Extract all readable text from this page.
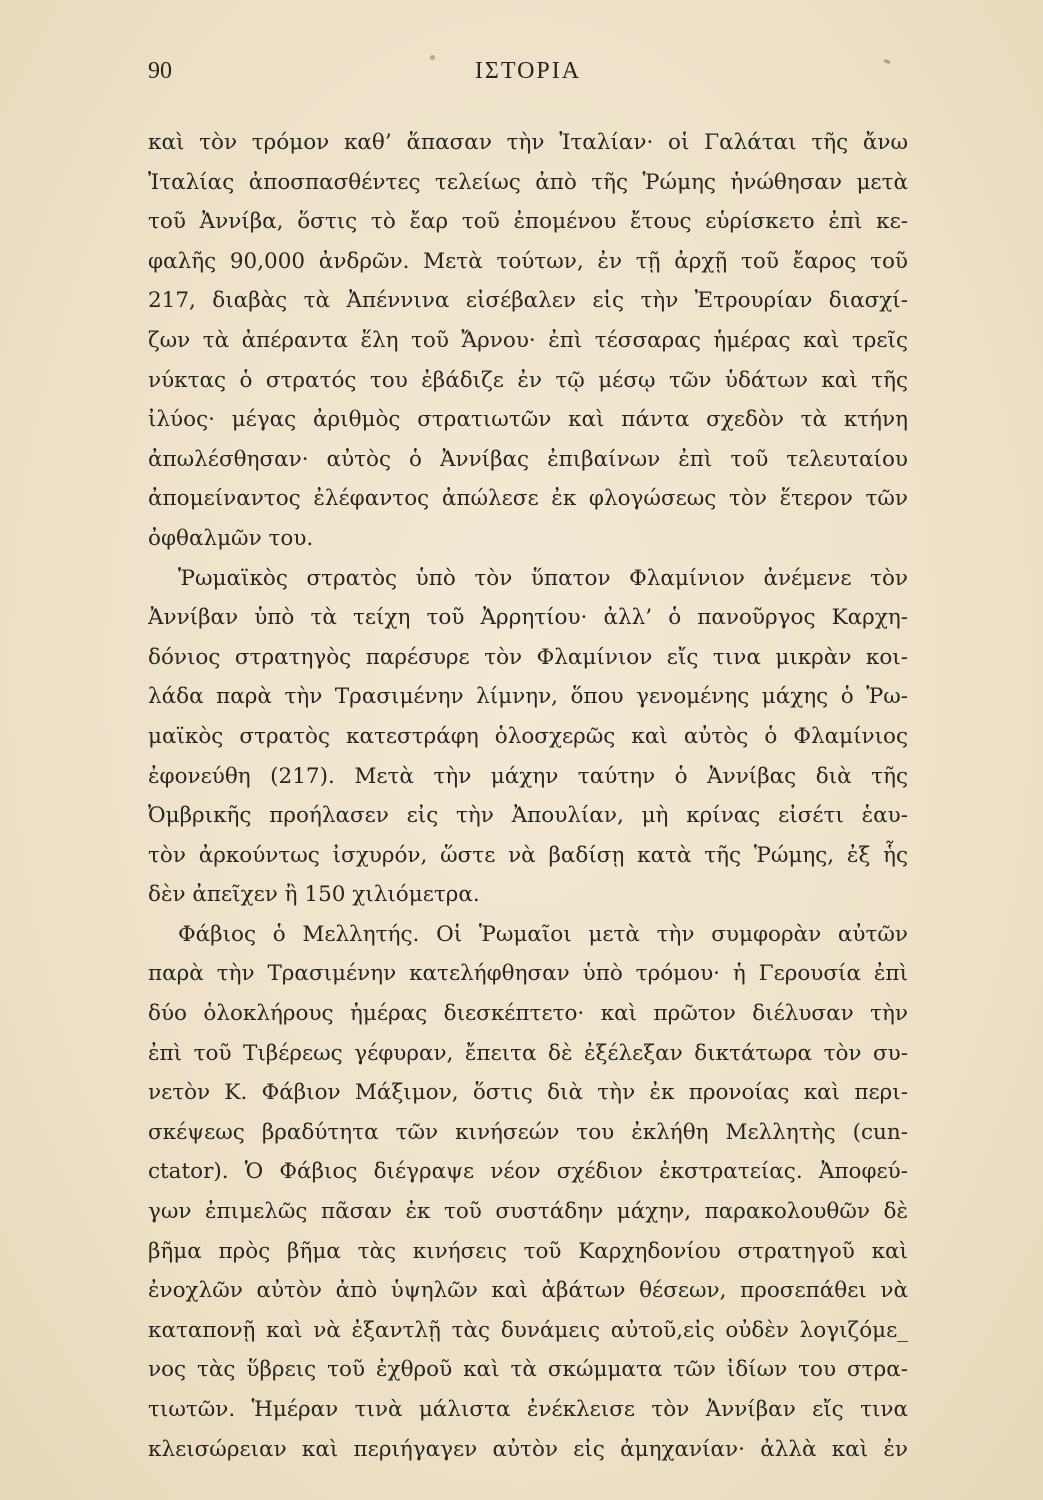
90	ΙΣΤΟΡΙΑ
καὶ τὸν τρόμον καθ’ ἅπασαν τὴν Ἰταλίαν· οἱ Γαλάται τῆς ἄνω
Ἰταλίας ἀποσπασθέντες τελείως ἀπὸ τῆς Ῥώμης ἡνώθησαν μετὰ
τοῦ Ἀννίβα, ὅστις τὸ ἔαρ τοῦ ἐπομένου ἔτους εὑρίσκετο ἐπὶ κε-
φαλῆς 90,000 ἀνδρῶν. Μετὰ τούτων, ἐν τῇ ἀρχῇ τοῦ ἔαρος τοῦ
217, διαβὰς τὰ Ἀπέννινα εἰσέβαλεν εἰς τὴν Ἐτρουρίαν διασχί-
ζων τὰ ἀπέραντα ἕλη τοῦ Ἄρνου· ἐπὶ τέσσαρας ἡμέρας καὶ τρεῖς
νύκτας ὁ στρατός του ἐβάδιζε ἐν τῷ μέσῳ τῶν ὑδάτων καὶ τῆς
ἰλύος· μέγας ἀριθμὸς στρατιωτῶν καὶ πάντα σχεδὸν τὰ κτήνη
ἀπωλέσθησαν· αὐτὸς ὁ Ἀννίβας ἐπιβαίνων ἐπὶ τοῦ τελευταίου
ἀπομείναντος ἐλέφαντος ἀπώλεσε ἐκ φλογώσεως τὸν ἕτερον τῶν
ὀφθαλμῶν του.
Ῥωμαϊκὸς στρατὸς ὑπὸ τὸν ὕπατον Φλαμίνιον ἀνέμενε τὸν
Ἀννίβαν ὑπὸ τὰ τείχη τοῦ Ἀρρητίου· ἀλλ’ ὁ πανοῦργος Καρχη-
δόνιος στρατηγὸς παρέσυρε τὸν Φλαμίνιον εἴς τινα μικρὰν κοι-
λάδα παρὰ τὴν Τρασιμένην λίμνην, ὅπου γενομένης μάχης ὁ Ῥω-
μαϊκὸς στρατὸς κατεστράφη ὁλοσχερῶς καὶ αὐτὸς ὁ Φλαμίνιος
ἐφονεύθη (217). Μετὰ τὴν μάχην ταύτην ὁ Ἀννίβας διὰ τῆς
Ὀμβρικῆς προήλασεν εἰς τὴν Ἀπουλίαν, μὴ κρίνας εἰσέτι ἑαυ-
τὸν ἀρκούντως ἰσχυρόν, ὥστε νὰ βαδίσῃ κατὰ τῆς Ῥώμης, ἐξ ἧς
δὲν ἀπεῖχεν ἢ 150 χιλιόμετρα.
Φάβιος ὁ Μελλητής. Οἱ Ῥωμαῖοι μετὰ τὴν συμφορὰν αὐτῶν
παρὰ τὴν Τρασιμένην κατελήφθησαν ὑπὸ τρόμου· ἡ Γερουσία ἐπὶ
δύο ὁλοκλήρους ἡμέρας διεσκέπτετο· καὶ πρῶτον διέλυσαν τὴν
ἐπὶ τοῦ Τιβέρεως γέφυραν, ἔπειτα δὲ ἐξέλεξαν δικτάτωρα τὸν συ-
νετὸν Κ. Φάβιον Μάξιμον, ὅστις διὰ τὴν ἐκ προνοίας καὶ περι-
σκέψεως βραδύτητα τῶν κινήσεών του ἐκλήθη Μελλητὴς (cun-
ctator). Ὁ Φάβιος διέγραψε νέον σχέδιον ἐκστρατείας. Ἀποφεύ-
γων ἐπιμελῶς πᾶσαν ἐκ τοῦ συστάδην μάχην, παρακολουθῶν δὲ
βῆμα πρὸς βῆμα τὰς κινήσεις τοῦ Καρχηδονίου στρατηγοῦ καὶ
ἐνοχλῶν αὐτὸν ἀπὸ ὑψηλῶν καὶ ἀβάτων θέσεων, προσεπάθει νὰ
καταπονῇ καὶ νὰ ἐξαντλῇ τὰς δυνάμεις αὐτοῦ,εἰς οὐδὲν λογιζόμε_
νος τὰς ὕβρεις τοῦ ἐχθροῦ καὶ τὰ σκώμματα τῶν ἰδίων του στρα-
τιωτῶν. Ἡμέραν τινὰ μάλιστα ἐνέκλεισε τὸν Ἀννίβαν εἴς τινα
κλεισώρειαν καὶ περιήγαγεν αὐτὸν εἰς ἀμηχανίαν· ἀλλὰ καὶ ἐν
